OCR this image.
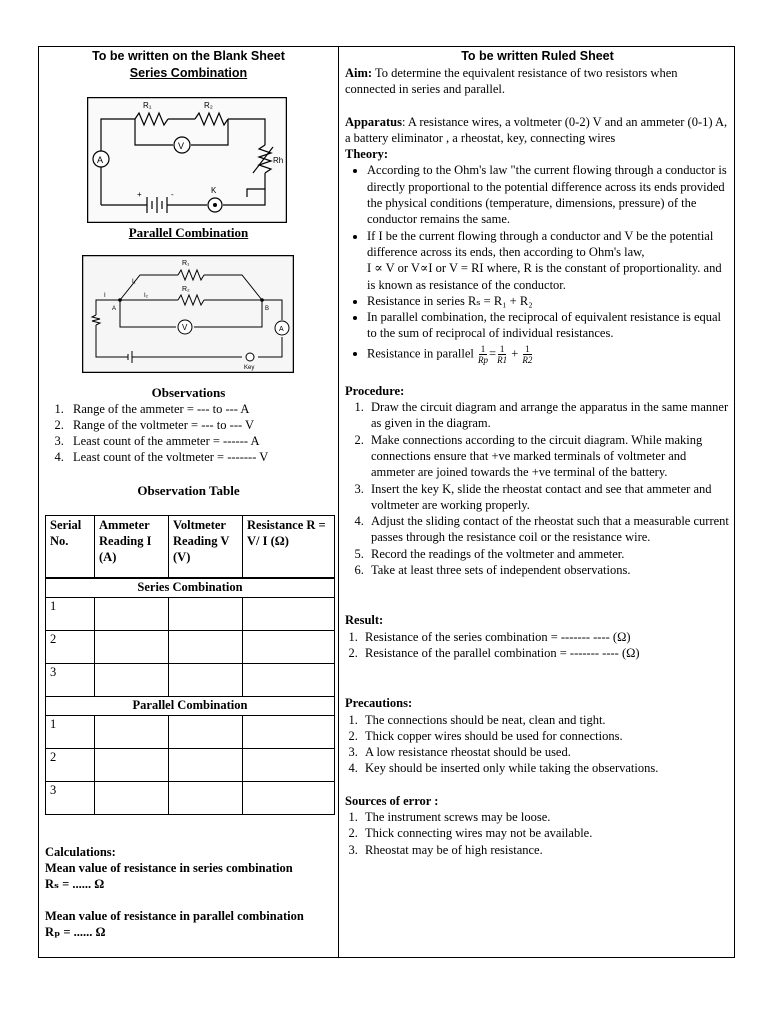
To be written on the Blank Sheet
Series Combination
A
V
R₁	R₂
Rh
K
+	-
Parallel Combination
R₁
R₂
V	A
Key
A	B
I
I₁
I₂
Observations
1. Range of the ammeter = --- to --- A
2. Range of the voltmeter = --- to --- V
3. Least count of the ammeter = ------ A
4. Least count of the voltmeter = ------- V
Observation Table
Serial No.	Ammeter Reading I (A)	Voltmeter Reading V (V)	Resistance R = V/ I (Ω)
Series Combination			
1			
2			
3			
Parallel Combination			
1			
2			
3			
Calculations:
Mean value of resistance in series combination
Rₛ = ...... Ω
Mean value of resistance in parallel combination
Rₚ = ...... Ω
To be written Ruled Sheet
Aim: To determine the equivalent resistance of two resistors when connected in series and parallel.
Apparatus: A resistance wires, a voltmeter (0-2) V and an ammeter (0-1) A, a battery eliminator , a rheostat, key, connecting wires
Theory:
• According to the Ohm's law "the current flowing through a conductor is directly proportional to the potential difference across its ends provided the physical conditions (temperature, dimensions, pressure) of the conductor remains the same.
• If I be the current flowing through a conductor and V be the potential difference across its ends, then according to Ohm's law,
I ∝ V or V∝I or V = RI where, R is the constant of proportionality. and is known as resistance of the conductor.
• Resistance in series Rₛ = R₁ + R₂
• In parallel combination, the reciprocal of equivalent resistance is equal to the sum of reciprocal of individual resistances.
• Resistance in parallel $\frac{1}{Rp} = \frac{1}{R1} + \frac{1}{R2}$
Procedure:
1. Draw the circuit diagram and arrange the apparatus in the same manner as given in the diagram.
2. Make connections according to the circuit diagram. While making connections ensure that +ve marked terminals of voltmeter and ammeter are joined towards the +ve terminal of the battery.
3. Insert the key K, slide the rheostat contact and see that ammeter and voltmeter are working properly.
4. Adjust the sliding contact of the rheostat such that a measurable current passes through the resistance coil or the resistance wire.
5. Record the readings of the voltmeter and ammeter.
6. Take at least three sets of independent observations.
Result:
1. Resistance of the series combination = ------- ---- (Ω)
2. Resistance of the parallel combination = ------- ---- (Ω)
Precautions:
1. The connections should be neat, clean and tight.
2. Thick copper wires should be used for connections.
3. A low resistance rheostat should be used.
4. Key should be inserted only while taking the observations.
Sources of error :
1. The instrument screws may be loose.
2. Thick connecting wires may not be available.
3. Rheostat may be of high resistance.
